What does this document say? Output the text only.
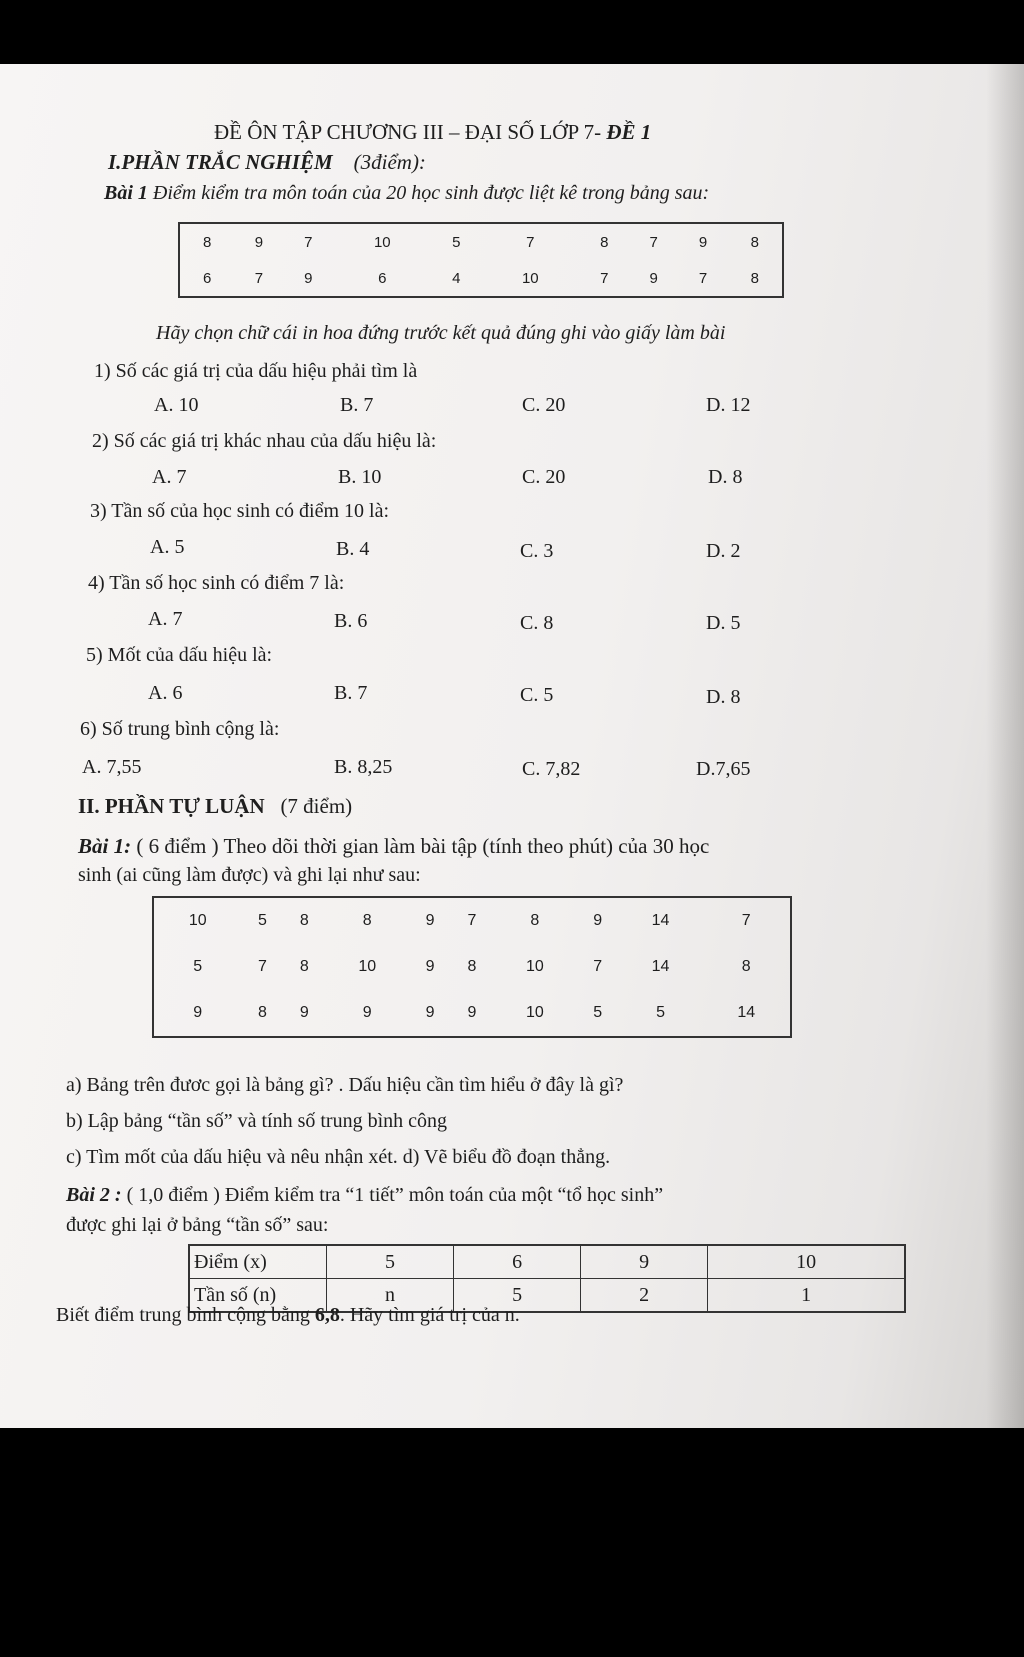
ĐỀ ÔN TẬP CHƯƠNG III – ĐẠI SỐ LỚP 7- ĐỀ 1
I.PHẦN TRẮC NGHIỆM (3điểm):
Bài 1 Điểm kiểm tra môn toán của 20 học sinh được liệt kê trong bảng sau:
8	9	7	10	5	7	8	7	9	8
6	7	9	6	4	10	7	9	7	8
Hãy chọn chữ cái in hoa đứng trước kết quả đúng ghi vào giấy làm bài
1) Số các giá trị của dấu hiệu phải tìm là
A. 10	B. 7	C. 20	D. 12
2) Số các giá trị khác nhau của dấu hiệu là:
A. 7	B. 10	C. 20	D. 8
3) Tần số của học sinh có điểm 10 là:
A. 5	B. 4	C. 3	D. 2
4) Tần số học sinh có điểm 7 là:
A. 7	B. 6	C. 8	D. 5
5) Mốt của dấu hiệu là:
A. 6	B. 7	C. 5	D. 8
6) Số trung bình cộng là:
A. 7,55	B. 8,25	C. 7,82	D.7,65
II. PHẦN TỰ LUẬN (7 điểm)
Bài 1: ( 6 điểm ) Theo dõi thời gian làm bài tập (tính theo phút) của 30 học
sinh (ai cũng làm được) và ghi lại như sau:
10	5	8	8	9	7	8	9	14	7
5	7	8	10	9	8	10	7	14	8
9	8	9	9	9	9	10	5	5	14
a) Bảng trên đươc gọi là bảng gì? . Dấu hiệu cần tìm hiểu ở đây là gì?
b) Lập bảng “tần số” và tính số trung bình công
c) Tìm mốt của dấu hiệu và nêu nhận xét. d) Vẽ biểu đồ đoạn thẳng.
Bài 2 : ( 1,0 điểm ) Điểm kiểm tra “1 tiết” môn toán của một “tổ học sinh”
được ghi lại ở bảng “tần số” sau:
Điểm (x)	5	6	9	10
Tần số (n)	n	5	2	1
Biết điểm trung bình cộng bằng 6,8. Hãy tìm giá trị của n.
